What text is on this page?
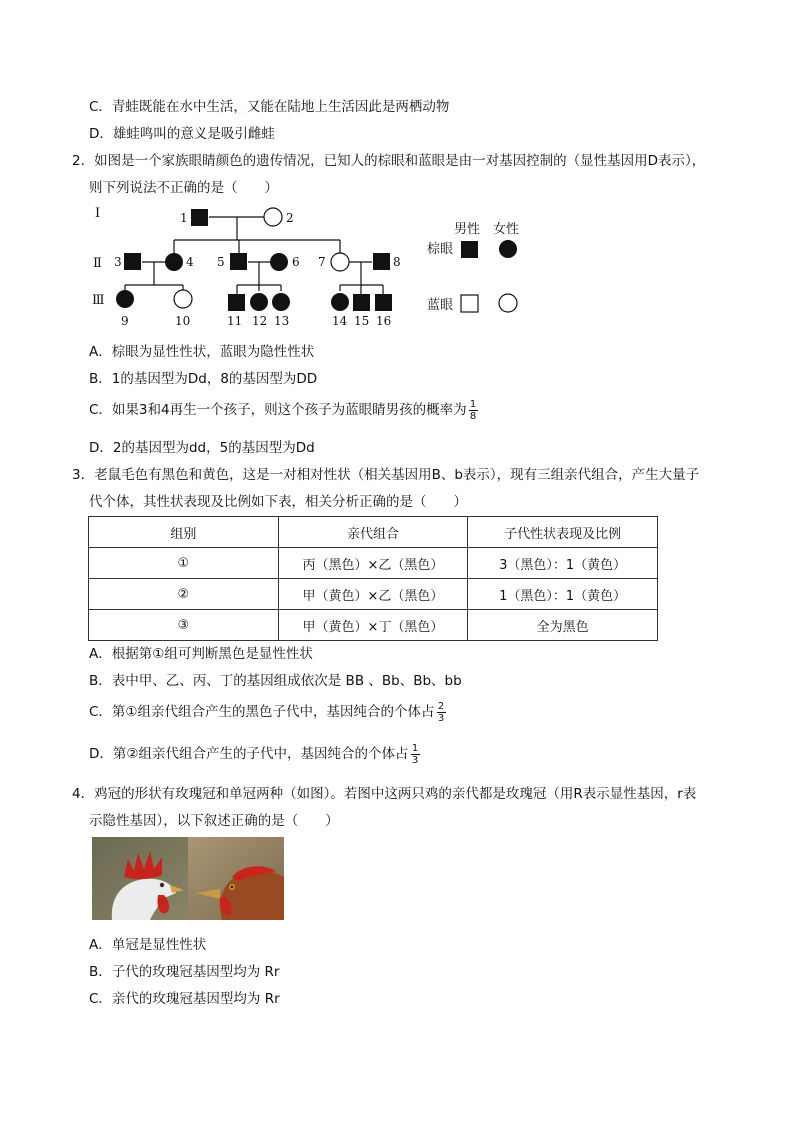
C．青蛙既能在水中生活，又能在陆地上生活因此是两栖动物
D．雄蛙鸣叫的意义是吸引雌蛙
2．如图是一个家族眼睛颜色的遗传情况，已知人的棕眼和蓝眼是由一对基因控制的（显性基因用D表示），
则下列说法不正确的是（　　）
Ⅰ
Ⅱ
Ⅲ
1	2
3	4 5	6 7	8
9	10	11 12 13	14 15 16
男性 女性
棕眼
蓝眼
A．棕眼为显性性状，蓝眼为隐性性状
B．1的基因型为Dd，8的基因型为DD
C．如果3和4再生一个孩子，则这个孩子为蓝眼睛男孩的概率为 $\frac{1}{8}$
D．2的基因型为dd，5的基因型为Dd
3．老鼠毛色有黑色和黄色，这是一对相对性状（相关基因用B、b表示），现有三组亲代组合，产生大量子
代个体，其性状表现及比例如下表，相关分析正确的是（　　）
组别	亲代组合	子代性状表现及比例
①	丙（黑色）×乙（黑色）	3（黑色）：1（黄色）
②	甲（黄色）×乙（黑色）	1（黑色）：1（黄色）
③	甲（黄色）×丁（黑色）	全为黑色
A．根据第①组可判断黑色是显性性状
B．表中甲、乙、丙、丁的基因组成依次是 BB 、Bb、Bb、bb
C．第①组亲代组合产生的黑色子代中，基因纯合的个体占 $\frac{2}{3}$
D．第②组亲代组合产生的子代中，基因纯合的个体占 $\frac{1}{3}$
4．鸡冠的形状有玫瑰冠和单冠两种（如图）。若图中这两只鸡的亲代都是玫瑰冠（用R表示显性基因，r表
示隐性基因），以下叙述正确的是（　　）
A．单冠是显性性状
B．子代的玫瑰冠基因型均为 Rr
C．亲代的玫瑰冠基因型均为 Rr
